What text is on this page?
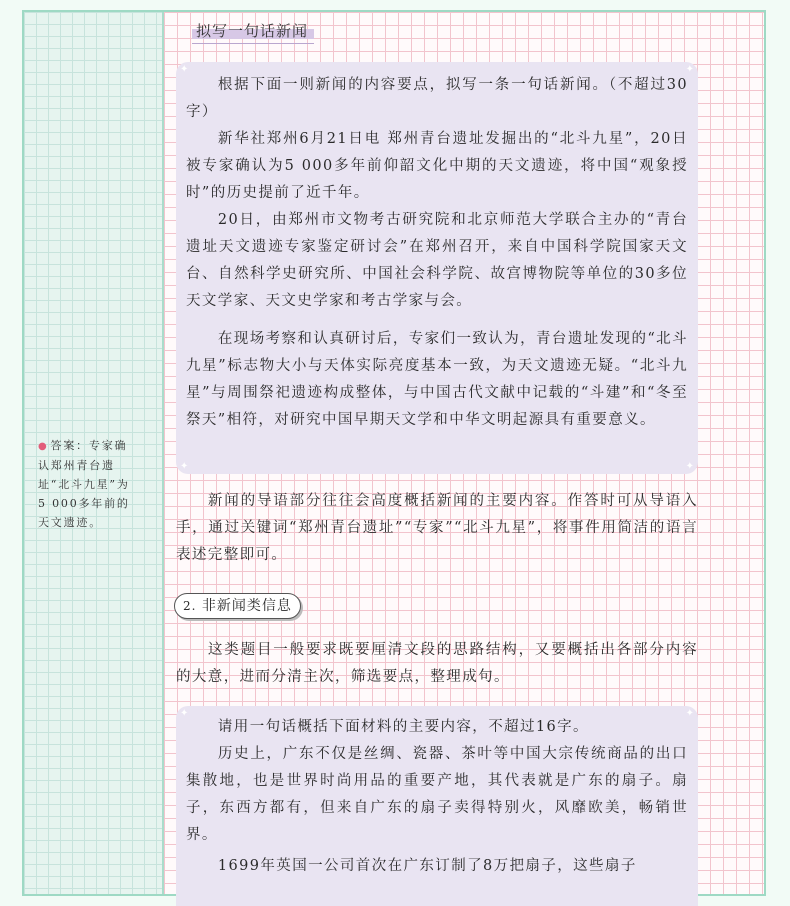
拟写一句话新闻
✦	✦
✦	✦

根据下面一则新闻的内容要点，拟写一条一句话新闻。（不超过30字）

新华社郑州6月21日电 郑州青台遗址发掘出的“北斗九星”，20日被专家确认为5 000多年前仰韶文化中期的天文遗迹，将中国“观象授时”的历史提前了近千年。

20日，由郑州市文物考古研究院和北京师范大学联合主办的“青台遗址天文遗迹专家鉴定研讨会”在郑州召开，来自中国科学院国家天文台、自然科学史研究所、中国社会科学院、故宫博物院等单位的30多位天文学家、天文史学家和考古学家与会。

在现场考察和认真研讨后，专家们一致认为，青台遗址发现的“北斗九星”标志物大小与天体实际亮度基本一致，为天文遗迹无疑。“北斗九星”与周围祭祀遗迹构成整体，与中国古代文献中记载的“斗建”和“冬至祭天”相符，对研究中国早期天文学和中华文明起源具有重要意义。

● 答案：专家确认郑州青台遗址“北斗九星”为5 000多年前的天文遗迹。

新闻的导语部分往往会高度概括新闻的主要内容。作答时可从导语入手，通过关键词“郑州青台遗址”“专家”“北斗九星”，将事件用简洁的语言表述完整即可。

2. 非新闻类信息

这类题目一般要求既要厘清文段的思路结构，又要概括出各部分内容的大意，进而分清主次，筛选要点，整理成句。

✦	✦

请用一句话概括下面材料的主要内容，不超过16字。

历史上，广东不仅是丝绸、瓷器、茶叶等中国大宗传统商品的出口集散地，也是世界时尚用品的重要产地，其代表就是广东的扇子。扇子，东西方都有，但来自广东的扇子卖得特别火，风靡欧美，畅销世界。

1699年英国一公司首次在广东订制了8万把扇子，这些扇子
